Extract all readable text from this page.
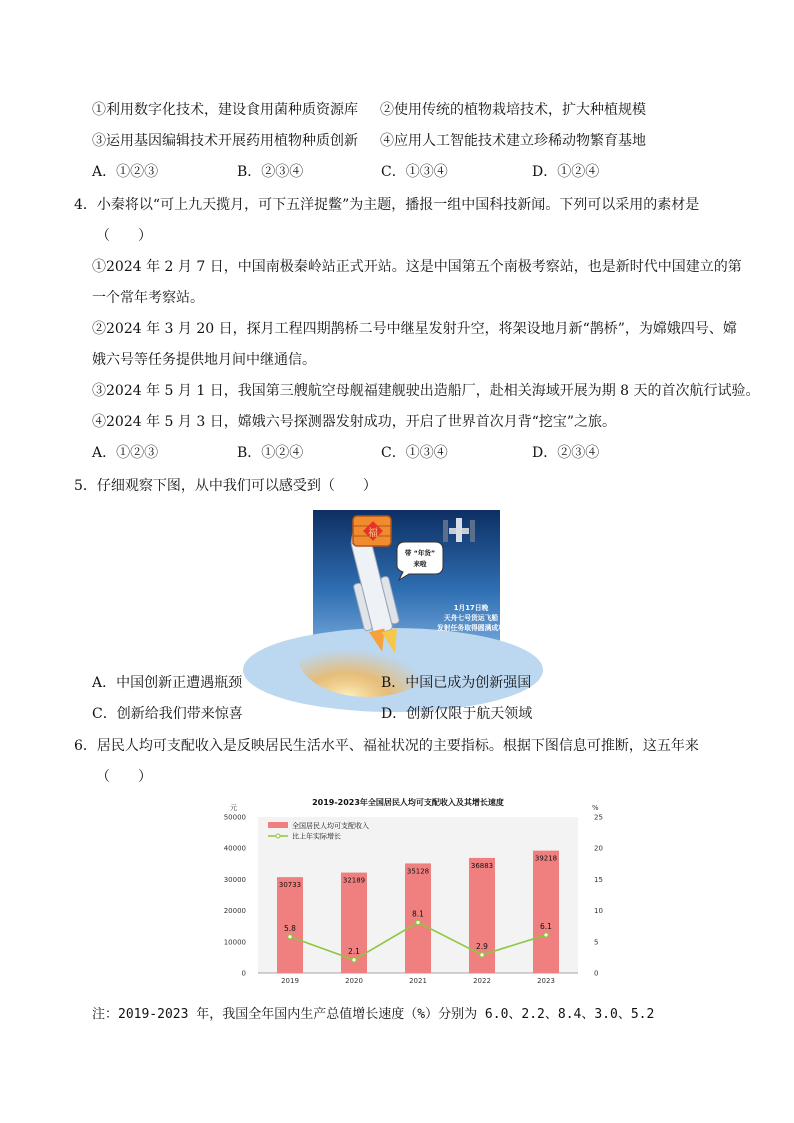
①利用数字化技术，建设食用菌种质资源库 ②使用传统的植物栽培技术，扩大种植规模
③运用基因编辑技术开展药用植物种质创新 ④应用人工智能技术建立珍稀动物繁育基地
A．①②③	B．②③④	C．①③④	D．①②④
4．小秦将以“可上九天揽月，可下五洋捉鳖”为主题，播报一组中国科技新闻。下列可以采用的素材是
（　　）
①2024 年 2 月 7 日，中国南极秦岭站正式开站。这是中国第五个南极考察站，也是新时代中国建立的第
一个常年考察站。
②2024 年 3 月 20 日，探月工程四期鹊桥二号中继星发射升空，将架设地月新“鹊桥”，为嫦娥四号、嫦
娥六号等任务提供地月间中继通信。
③2024 年 5 月 1 日，我国第三艘航空母舰福建舰驶出造船厂，赴相关海域开展为期 8 天的首次航行试验。
④2024 年 5 月 3 日，嫦娥六号探测器发射成功，开启了世界首次月背“挖宝”之旅。
A．①②③	B．①②④	C．①③④	D．②③④
5．仔细观察下图，从中我们可以感受到（　　）
福
带 “年货”
来啦
1月17日晚
天舟七号货运飞船
发射任务取得圆满成功
A．中国创新正遭遇瓶颈	B．中国已成为创新强国
C．创新给我们带来惊喜	D．创新仅限于航天领域
6．居民人均可支配收入是反映居民生活水平、福祉状况的主要指标。根据下图信息可推断，这五年来
（　　）
2019-2023年全国居民人均可支配收入及其增长速度
元	%
50000
40000
30000
20000
10000
0
25
20
15
10
5
0
30733
2019
32189
2020
35128
2021
36883
2022
39218
2023
5.8
2.1
8.1
2.9
6.1
全国居民人均可支配收入
比上年实际增长
注：2019-2023 年，我国全年国内生产总值增长速度（%）分别为 6.0、2.2、8.4、3.0、5.2
